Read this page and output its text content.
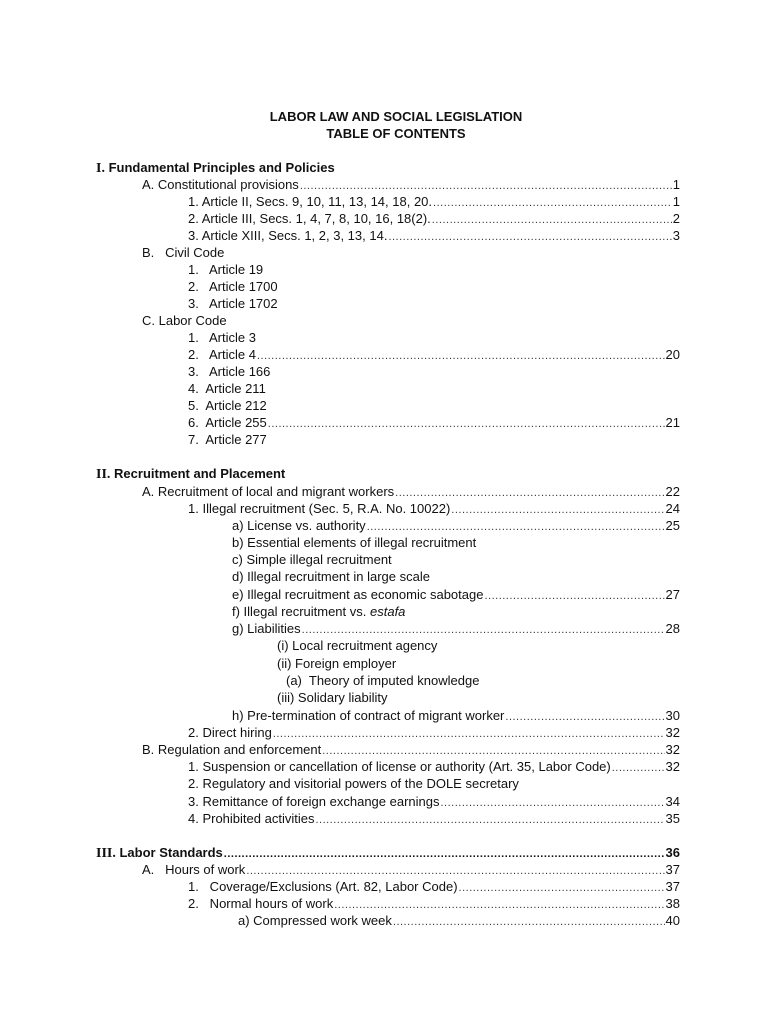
LABOR LAW AND SOCIAL LEGISLATION
TABLE OF CONTENTS
I.
Fundamental Principles and Policies
A. Constitutional provisions .....	1
1. Article II, Secs. 9, 10, 11, 13, 14, 18, 20. .....	1
2. Article III, Secs. 1, 4, 7, 8, 10, 16, 18(2). .....	2
3. Article XIII, Secs. 1, 2, 3, 13, 14. .....	3
B.   Civil Code
1.   Article 19
2.   Article 1700
3.   Article 1702
C. Labor Code
1.   Article 3
2.   Article 4 .....	20
3.   Article 166
4.  Article 211
5.  Article 212
6.  Article 255 .....	21
7.  Article 277
II.
Recruitment and Placement
A. Recruitment of local and migrant workers .....	22
1. Illegal recruitment (Sec. 5, R.A. No. 10022) .....	24
a) License vs. authority .....	25
b) Essential elements of illegal recruitment
c) Simple illegal recruitment
d) Illegal recruitment in large scale
e) Illegal recruitment as economic sabotage .....	27
f) Illegal recruitment vs. estafa
g) Liabilities .....	28
(i) Local recruitment agency
(ii) Foreign employer
(a)  Theory of imputed knowledge
(iii) Solidary liability
h) Pre-termination of contract of migrant worker .....	30
2. Direct hiring .....	32
B. Regulation and enforcement .....	32
1. Suspension or cancellation of license or authority (Art. 35, Labor Code) .....	32
2. Regulatory and visitorial powers of the DOLE secretary
3. Remittance of foreign exchange earnings .....	34
4. Prohibited activities .....	35
III.
Labor Standards .....	36
A.   Hours of work .....	37
1.   Coverage/Exclusions (Art. 82, Labor Code) .....	37
2.   Normal hours of work .....	38
a) Compressed work week .....	40
